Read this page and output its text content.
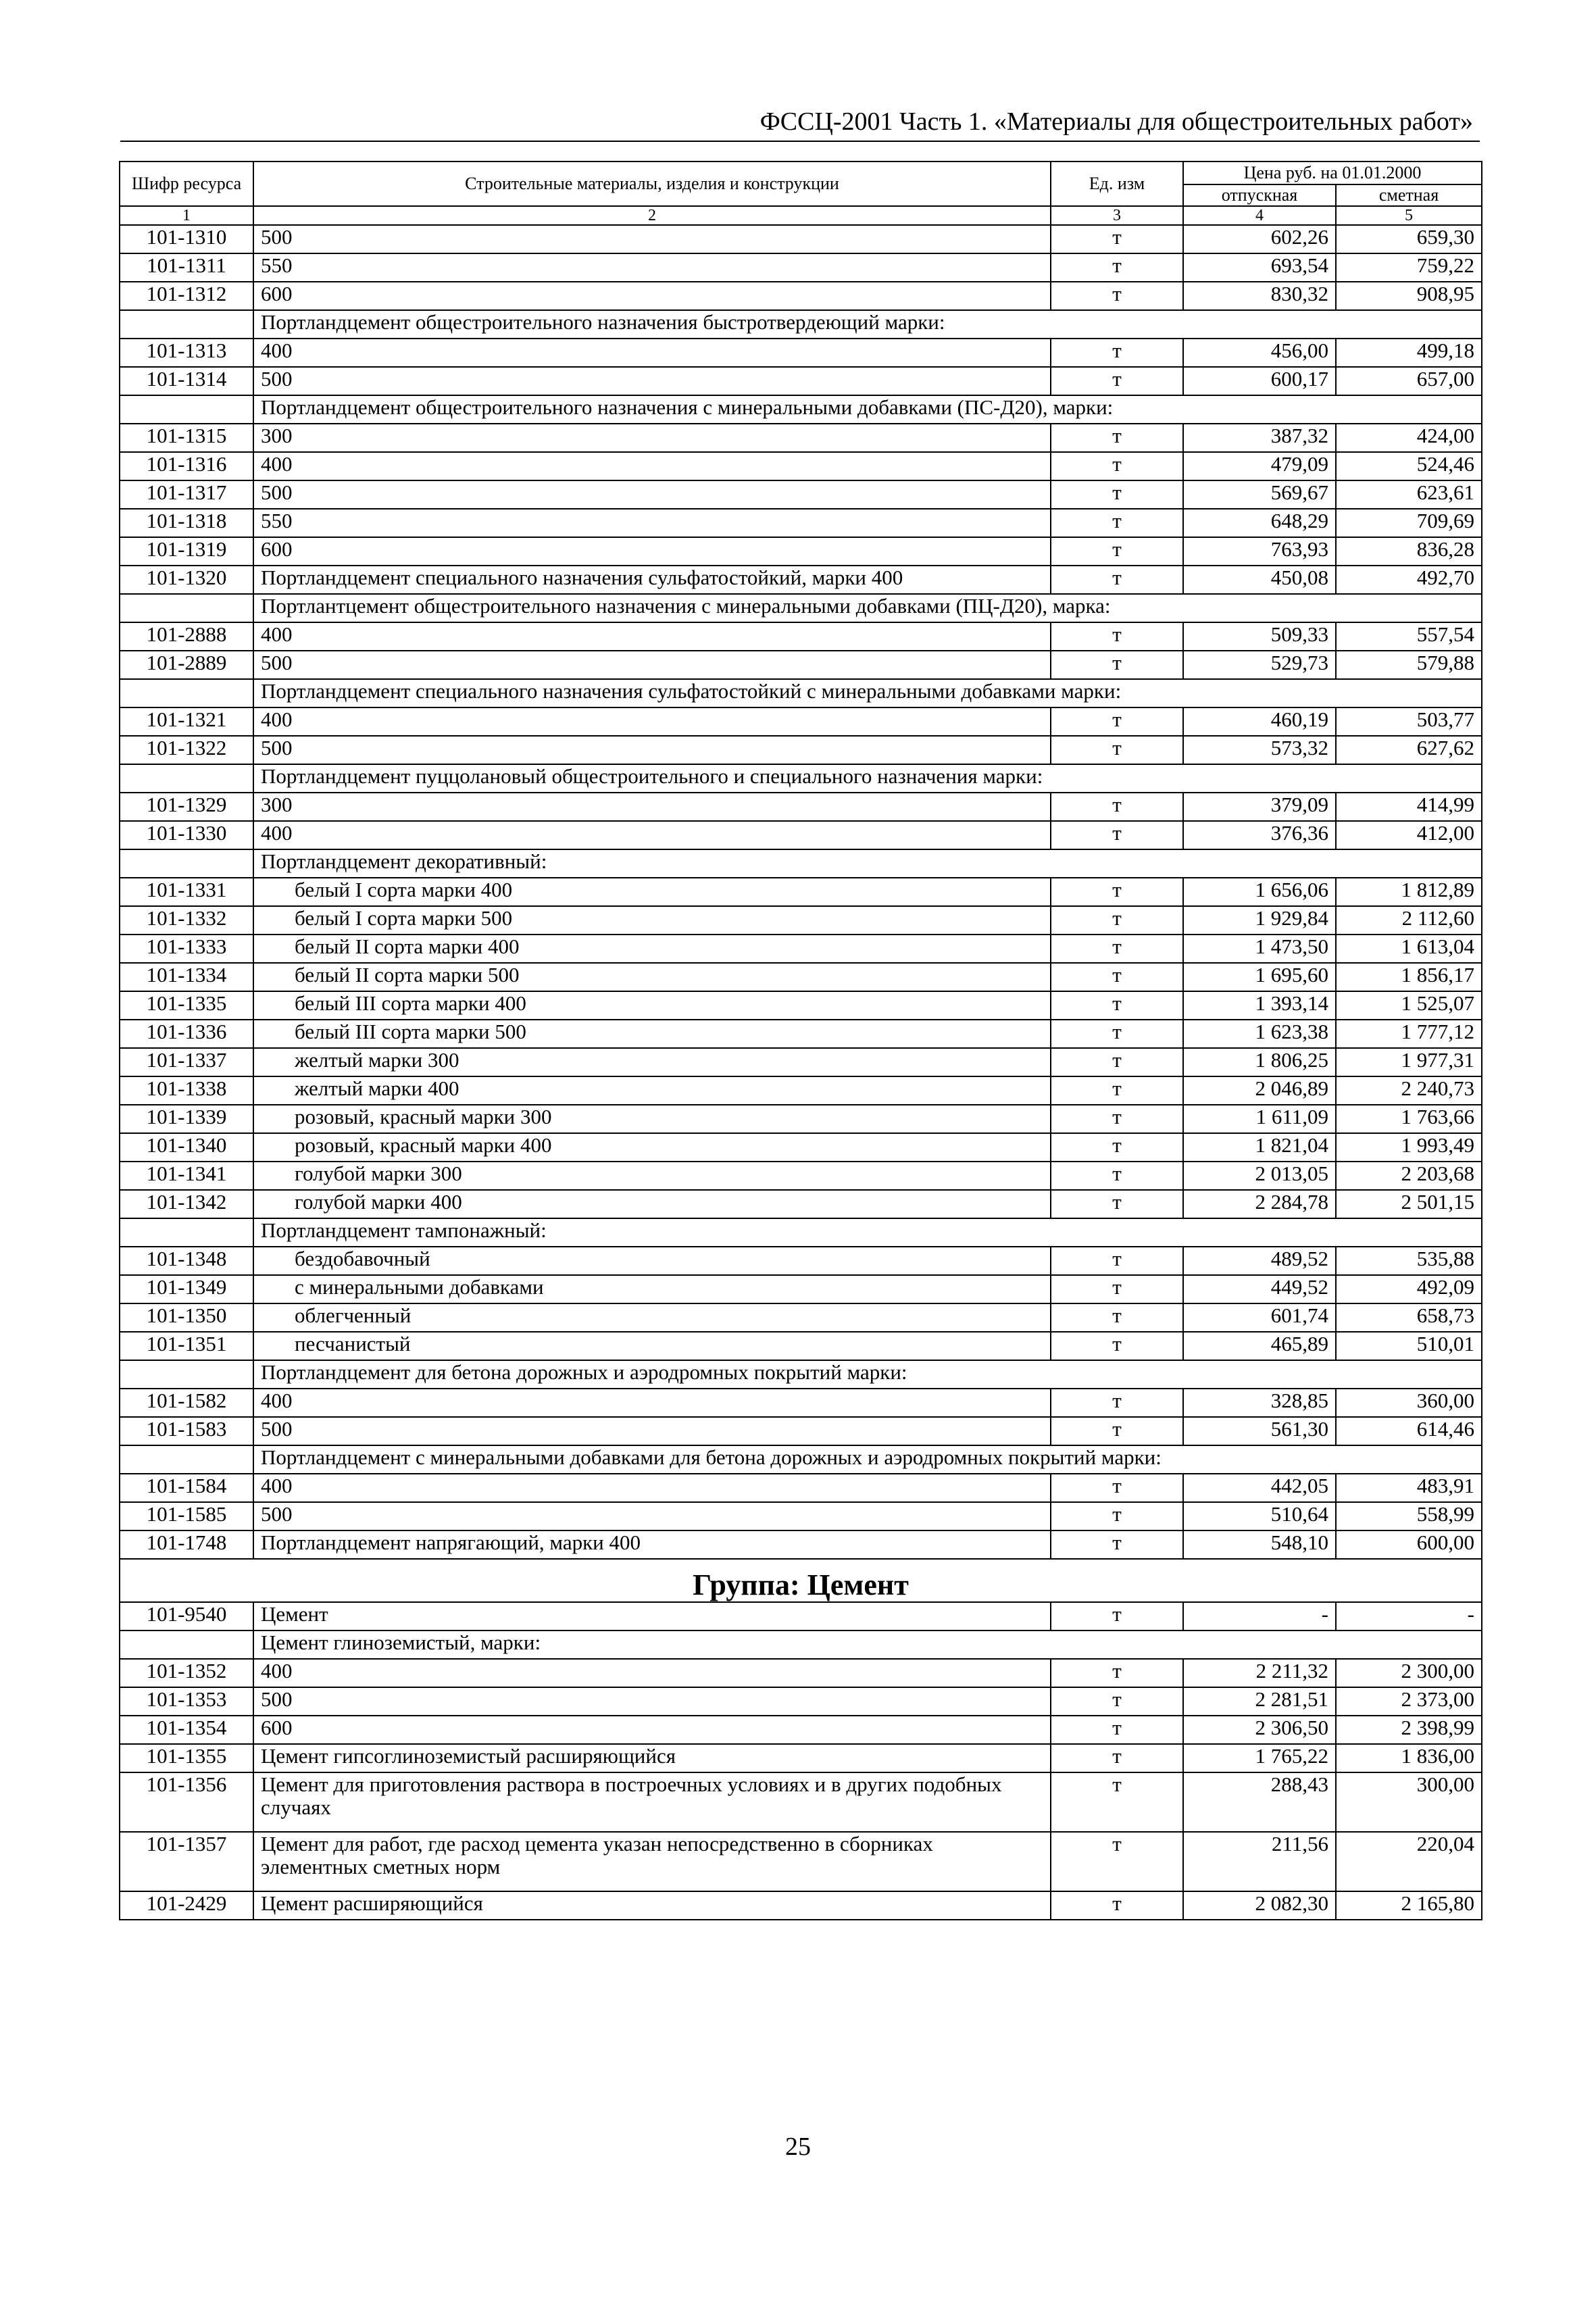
ФССЦ-2001 Часть 1. «Материалы для общестроительных работ»
Шифр ресурса	Строительные материалы, изделия и конструкции	Ед. изм	Цена руб. на 01.01.2000	
			отпускная	сметная
1	2	3	4	5
101-1310	500	т	602,26	659,30
101-1311	550	т	693,54	759,22
101-1312	600	т	830,32	908,95
	Портландцемент общестроительного назначения быстротвердеющий марки:			
101-1313	400	т	456,00	499,18
101-1314	500	т	600,17	657,00
	Портландцемент общестроительного назначения с минеральными добавками (ПС-Д20), марки:			
101-1315	300	т	387,32	424,00
101-1316	400	т	479,09	524,46
101-1317	500	т	569,67	623,61
101-1318	550	т	648,29	709,69
101-1319	600	т	763,93	836,28
101-1320	Портландцемент специального назначения сульфатостойкий, марки 400	т	450,08	492,70
	Портлантцемент общестроительного назначения с минеральными добавками (ПЦ-Д20), марка:			
101-2888	400	т	509,33	557,54
101-2889	500	т	529,73	579,88
	Портландцемент специального назначения сульфатостойкий с минеральными добавками марки:			
101-1321	400	т	460,19	503,77
101-1322	500	т	573,32	627,62
	Портландцемент пуццолановый общестроительного и специального назначения марки:			
101-1329	300	т	379,09	414,99
101-1330	400	т	376,36	412,00
	Портландцемент декоративный:			
101-1331	белый I сорта марки 400	т	1 656,06	1 812,89
101-1332	белый I сорта марки 500	т	1 929,84	2 112,60
101-1333	белый II сорта марки 400	т	1 473,50	1 613,04
101-1334	белый II сорта марки 500	т	1 695,60	1 856,17
101-1335	белый III сорта марки 400	т	1 393,14	1 525,07
101-1336	белый III сорта марки 500	т	1 623,38	1 777,12
101-1337	желтый марки 300	т	1 806,25	1 977,31
101-1338	желтый марки 400	т	2 046,89	2 240,73
101-1339	розовый, красный марки 300	т	1 611,09	1 763,66
101-1340	розовый, красный марки 400	т	1 821,04	1 993,49
101-1341	голубой марки 300	т	2 013,05	2 203,68
101-1342	голубой марки 400	т	2 284,78	2 501,15
	Портландцемент тампонажный:			
101-1348	бездобавочный	т	489,52	535,88
101-1349	с минеральными добавками	т	449,52	492,09
101-1350	облегченный	т	601,74	658,73
101-1351	песчанистый	т	465,89	510,01
	Портландцемент для бетона дорожных и аэродромных покрытий марки:			
101-1582	400	т	328,85	360,00
101-1583	500	т	561,30	614,46
	Портландцемент с минеральными добавками для бетона дорожных и аэродромных покрытий марки:			
101-1584	400	т	442,05	483,91
101-1585	500	т	510,64	558,99
101-1748	Портландцемент напрягающий, марки 400	т	548,10	600,00
Группа: Цемент				
101-9540	Цемент	т	-	-
	Цемент глиноземистый, марки:			
101-1352	400	т	2 211,32	2 300,00
101-1353	500	т	2 281,51	2 373,00
101-1354	600	т	2 306,50	2 398,99
101-1355	Цемент гипсоглиноземистый расширяющийся	т	1 765,22	1 836,00
101-1356	Цемент для приготовления раствора в построечных условиях и в других подобных случаях	т	288,43	300,00
101-1357	Цемент для работ, где расход цемента указан непосредственно в сборниках элементных сметных норм	т	211,56	220,04
101-2429	Цемент расширяющийся	т	2 082,30	2 165,80
25
